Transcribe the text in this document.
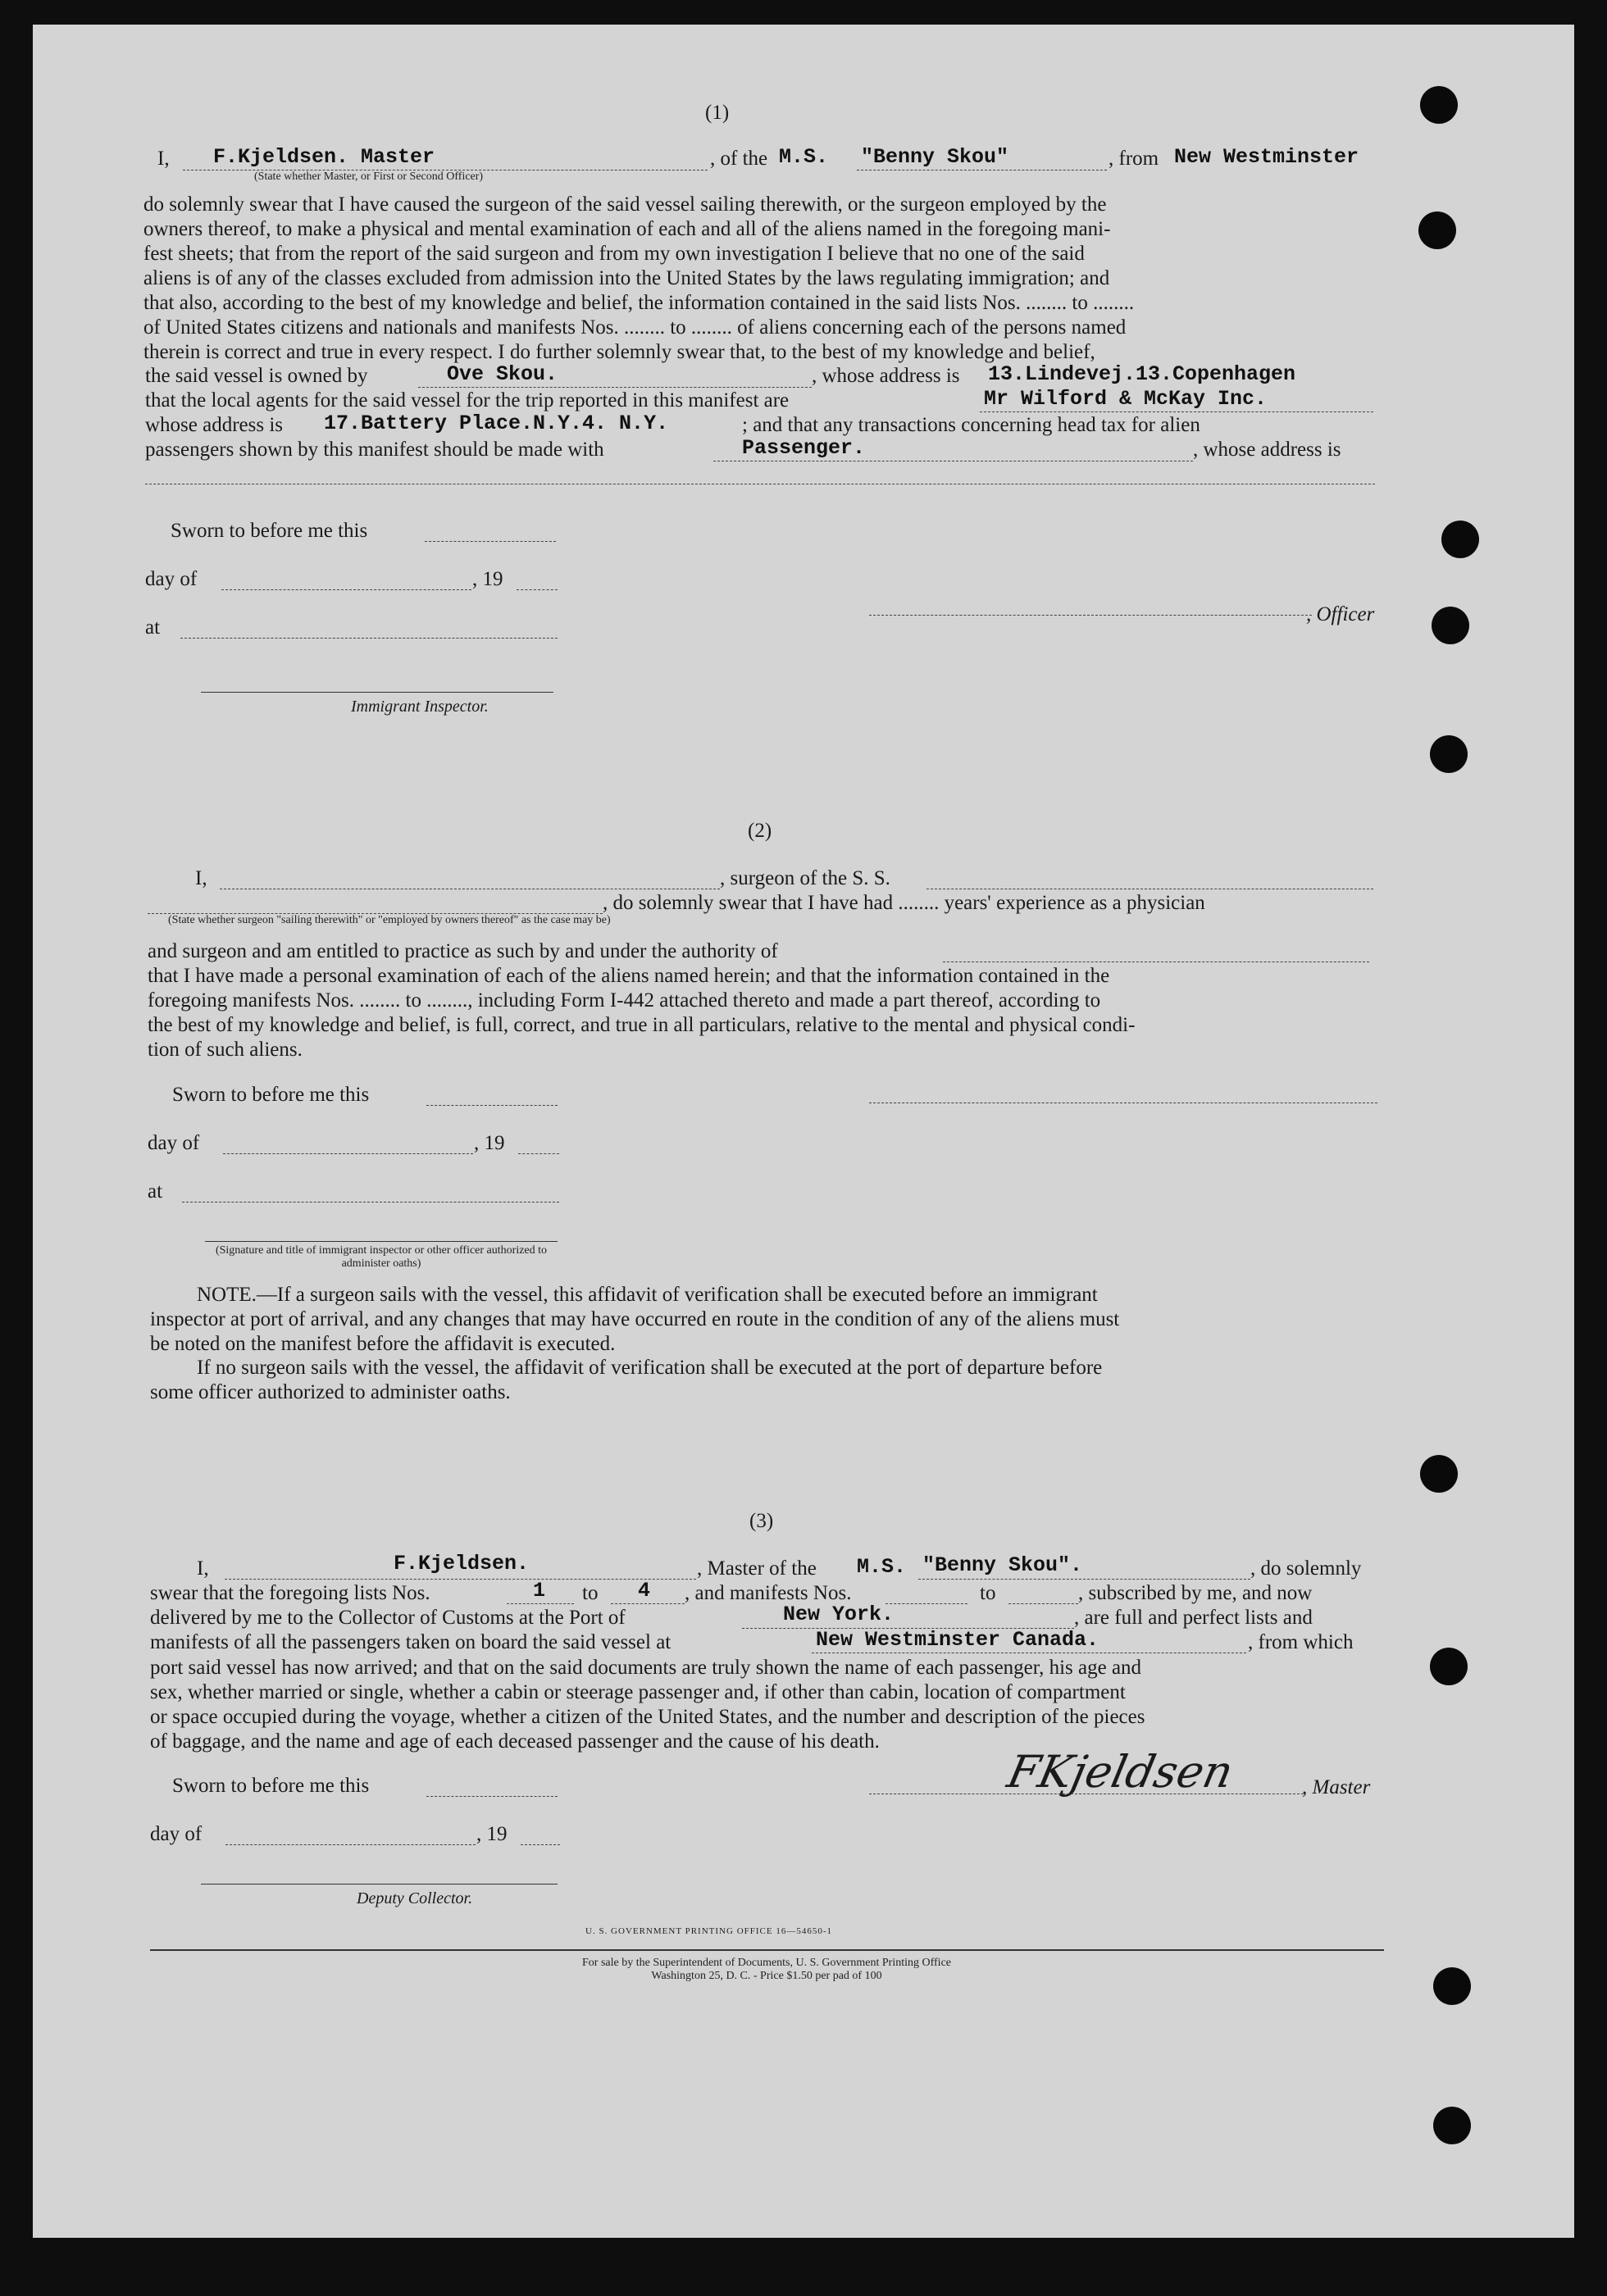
(1)
I, F.Kjeldsen. Master	, of the M.S. "Benny Skou"	, from New Westminster
(State whether Master, or First or Second Officer)
do solemnly swear that I have caused the surgeon of the said vessel sailing therewith, or the surgeon employed by the
owners thereof, to make a physical and mental examination of each and all of the aliens named in the foregoing mani-
fest sheets; that from the report of the said surgeon and from my own investigation I believe that no one of the said
aliens is of any of the classes excluded from admission into the United States by the laws regulating immigration; and
that also, according to the best of my knowledge and belief, the information contained in the said lists Nos. ........ to ........
of United States citizens and nationals and manifests Nos. ........ to ........ of aliens concerning each of the persons named
therein is correct and true in every respect. I do further solemnly swear that, to the best of my knowledge and belief,
the said vessel is owned by	Ove Skou.	, whose address is 13.Lindevej.13.Copenhagen
that the local agents for the said vessel for the trip reported in this manifest are	Mr Wilford & McKay Inc.
whose address is 17.Battery Place.N.Y.4. N.Y.	; and that any transactions concerning head tax for alien
passengers shown by this manifest should be made with	Passenger.	, whose address is
Sworn to before me this
day of	, 19
at
, Officer
Immigrant Inspector.
(2)
I,	, surgeon of the S. S.
, do solemnly swear that I have had ........ years' experience as a physician
(State whether surgeon "sailing therewith" or "employed by owners thereof" as the case may be)
and surgeon and am entitled to practice as such by and under the authority of
that I have made a personal examination of each of the aliens named herein; and that the information contained in the
foregoing manifests Nos. ........ to ........, including Form I-442 attached thereto and made a part thereof, according to
the best of my knowledge and belief, is full, correct, and true in all particulars, relative to the mental and physical condi-
tion of such aliens.
Sworn to before me this
day of	, 19
at
(Signature and title of immigrant inspector or other officer authorized to administer oaths)
NOTE.—If a surgeon sails with the vessel, this affidavit of verification shall be executed before an immigrant
inspector at port of arrival, and any changes that may have occurred en route in the condition of any of the aliens must
be noted on the manifest before the affidavit is executed.
If no surgeon sails with the vessel, the affidavit of verification shall be executed at the port of departure before
some officer authorized to administer oaths.
(3)
I,	F.Kjeldsen.	, Master of the M.S. "Benny Skou".	, do solemnly
swear that the foregoing lists Nos.	1 to 4 , and manifests Nos.	to	, subscribed by me, and now
delivered by me to the Collector of Customs at the Port of	New York.	, are full and perfect lists and
manifests of all the passengers taken on board the said vessel at	New Westminster Canada.	, from which
port said vessel has now arrived; and that on the said documents are truly shown the name of each passenger, his age and
sex, whether married or single, whether a cabin or steerage passenger and, if other than cabin, location of compartment
or space occupied during the voyage, whether a citizen of the United States, and the number and description of the pieces
of baggage, and the name and age of each deceased passenger and the cause of his death.
Sworn to before me this	FKjeldsen	, Master
day of	, 19
Deputy Collector.
U. S. GOVERNMENT PRINTING OFFICE 16—54650-1
For sale by the Superintendent of Documents, U. S. Government Printing Office
Washington 25, D. C. - Price $1.50 per pad of 100
